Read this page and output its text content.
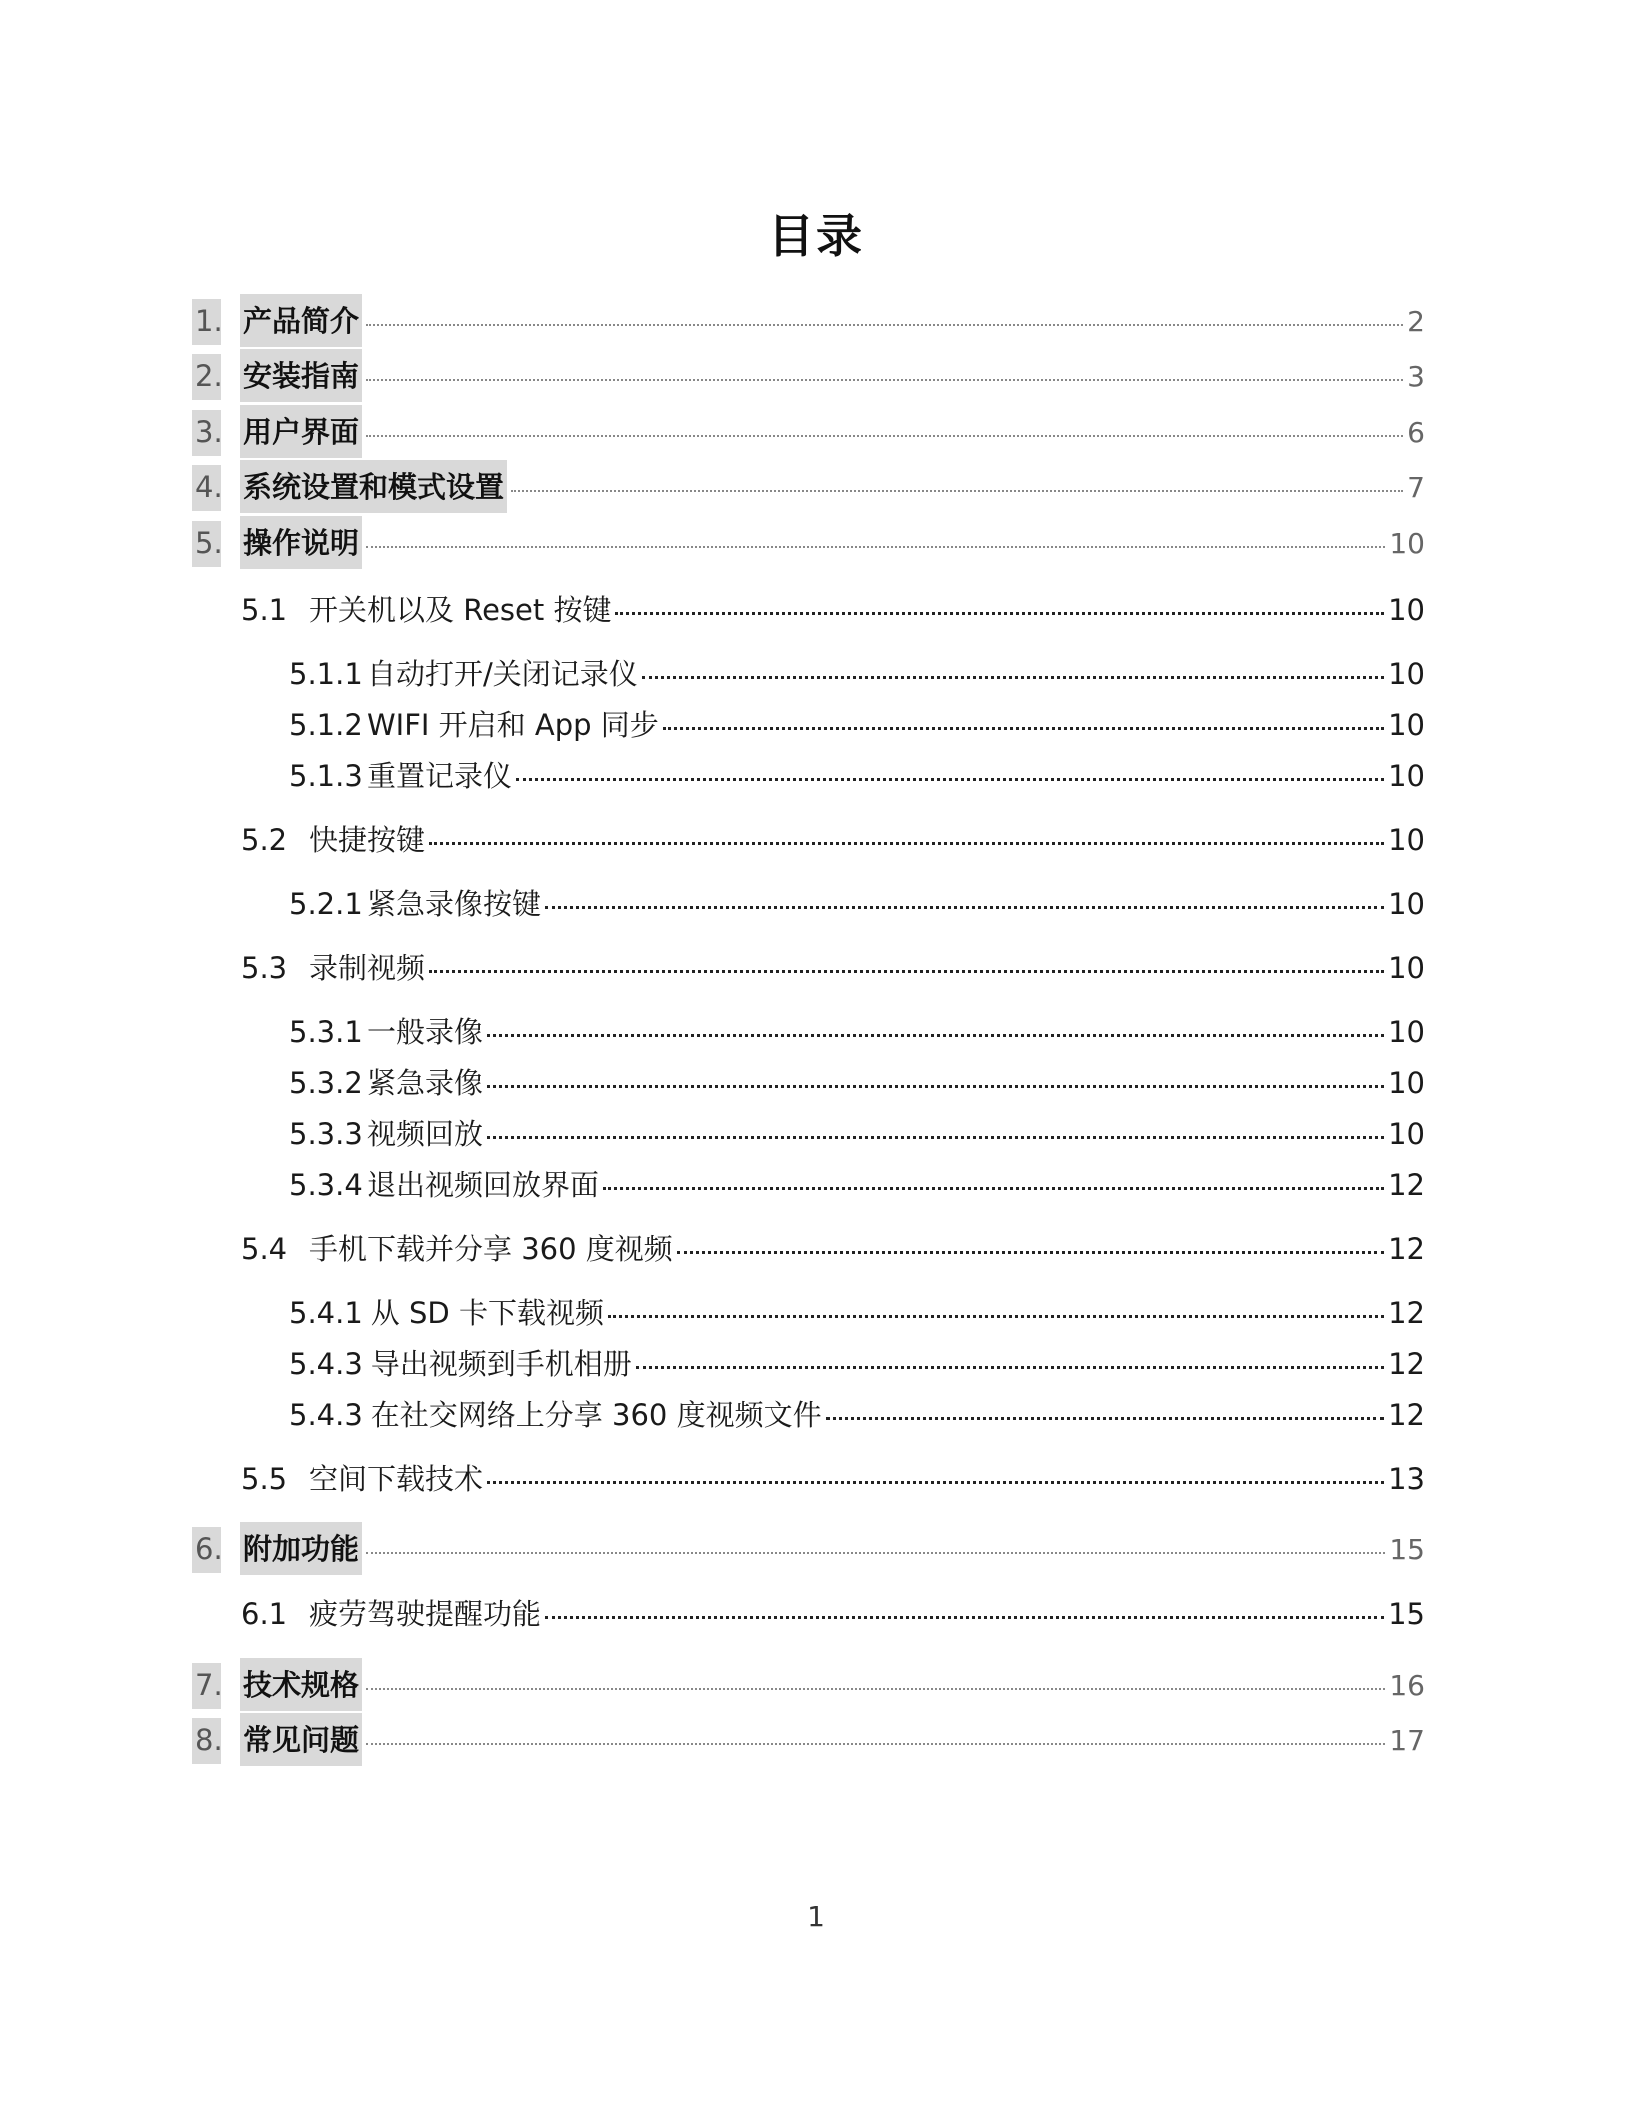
目录
1. 产品简介	2
2. 安装指南	3
3. 用户界面	6
4. 系统设置和模式设置	7
5. 操作说明	10
5.1 开关机以及 Reset 按键	10
5.1.1 自动打开/关闭记录仪	10
5.1.2 WIFI 开启和 App 同步	10
5.1.3 重置记录仪	10
5.2 快捷按键	10
5.2.1 紧急录像按键	10
5.3 录制视频	10
5.3.1 一般录像	10
5.3.2 紧急录像	10
5.3.3 视频回放	10
5.3.4 退出视频回放界面	12
5.4 手机下载并分享 360 度视频	12
5.4.1 从 SD 卡下载视频	12
5.4.3 导出视频到手机相册	12
5.4.3 在社交网络上分享 360 度视频文件	12
5.5 空间下载技术	13
6. 附加功能	15
6.1 疲劳驾驶提醒功能	15
7. 技术规格	16
8. 常见问题	17
1
